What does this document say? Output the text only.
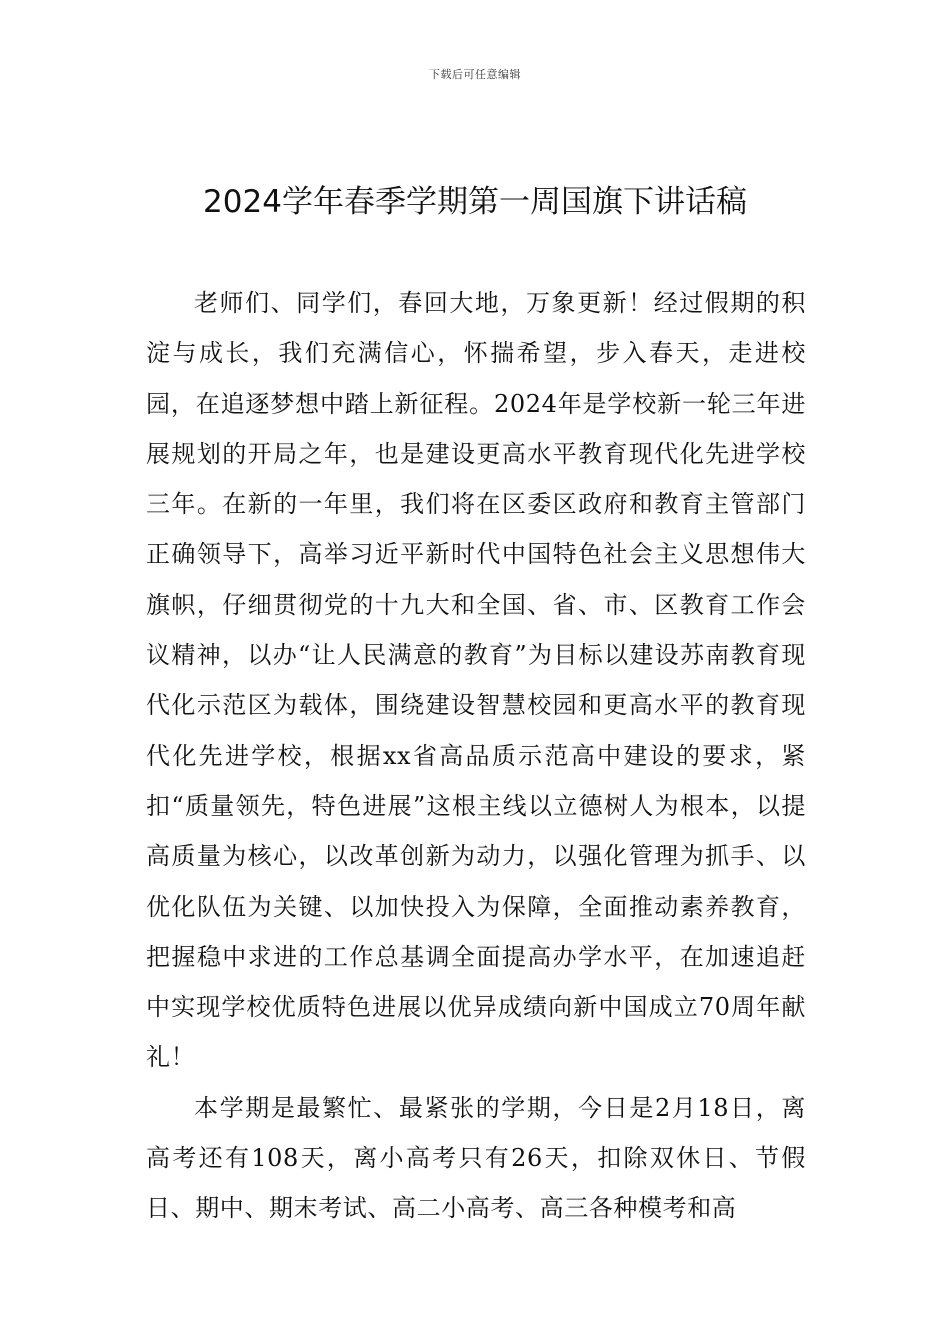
下载后可任意编辑
2024学年春季学期第一周国旗下讲话稿

老师们、同学们，春回大地，万象更新！经过假期的积淀与成长，我们充满信心，怀揣希望，步入春天，走进校园，在追逐梦想中踏上新征程。2024年是学校新一轮三年进展规划的开局之年，也是建设更高水平教育现代化先进学校三年。在新的一年里，我们将在区委区政府和教育主管部门正确领导下，高举习近平新时代中国特色社会主义思想伟大旗帜，仔细贯彻党的十九大和全国、省、市、区教育工作会议精神，以办“让人民满意的教育”为目标以建设苏南教育现代化示范区为载体，围绕建设智慧校园和更高水平的教育现代化先进学校，根据xx省高品质示范高中建设的要求，紧扣“质量领先，特色进展”这根主线以立德树人为根本，以提高质量为核心，以改革创新为动力，以强化管理为抓手、以优化队伍为关键、以加快投入为保障，全面推动素养教育，把握稳中求进的工作总基调全面提高办学水平，在加速追赶中实现学校优质特色进展以优异成绩向新中国成立70周年献礼！

本学期是最繁忙、最紧张的学期，今日是2月18日，离高考还有108天，离小高考只有26天，扣除双休日、节假日、期中、期末考试、高二小高考、高三各种模考和高
